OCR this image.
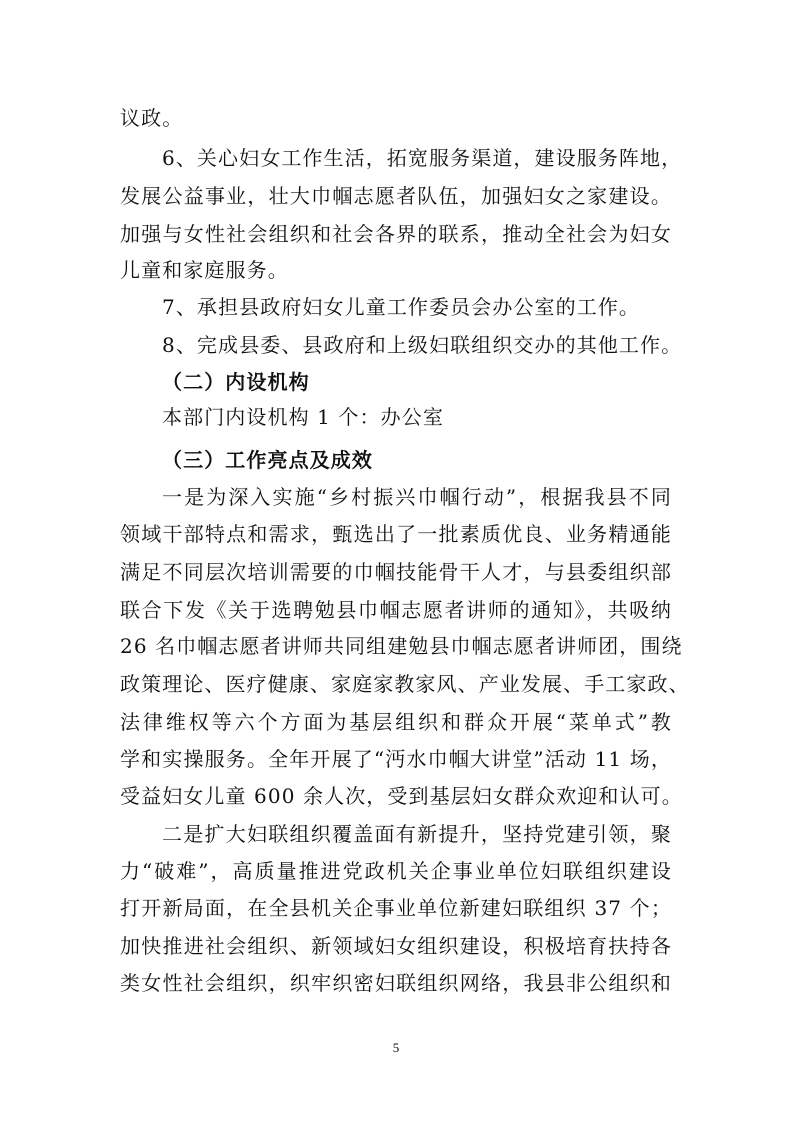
议政。
6、关心妇女工作生活，拓宽服务渠道，建设服务阵地，
发展公益事业，壮大巾帼志愿者队伍，加强妇女之家建设。
加强与女性社会组织和社会各界的联系，推动全社会为妇女
儿童和家庭服务。
7、承担县政府妇女儿童工作委员会办公室的工作。
8、完成县委、县政府和上级妇联组织交办的其他工作。
（二）内设机构
本部门内设机构 1 个：办公室
（三）工作亮点及成效
一是为深入实施“乡村振兴巾帼行动”，根据我县不同
领域干部特点和需求，甄选出了一批素质优良、业务精通能
满足不同层次培训需要的巾帼技能骨干人才，与县委组织部
联合下发《关于选聘勉县巾帼志愿者讲师的通知》，共吸纳
26 名巾帼志愿者讲师共同组建勉县巾帼志愿者讲师团，围绕
政策理论、医疗健康、家庭家教家风、产业发展、手工家政、
法律维权等六个方面为基层组织和群众开展“菜单式”教
学和实操服务。全年开展了“沔水巾帼大讲堂”活动 11 场，
受益妇女儿童 600 余人次，受到基层妇女群众欢迎和认可。
二是扩大妇联组织覆盖面有新提升，坚持党建引领，聚
力“破难”，高质量推进党政机关企事业单位妇联组织建设
打开新局面，在全县机关企事业单位新建妇联组织 37 个；
加快推进社会组织、新领域妇女组织建设，积极培育扶持各
类女性社会组织，织牢织密妇联组织网络，我县非公组织和
5
